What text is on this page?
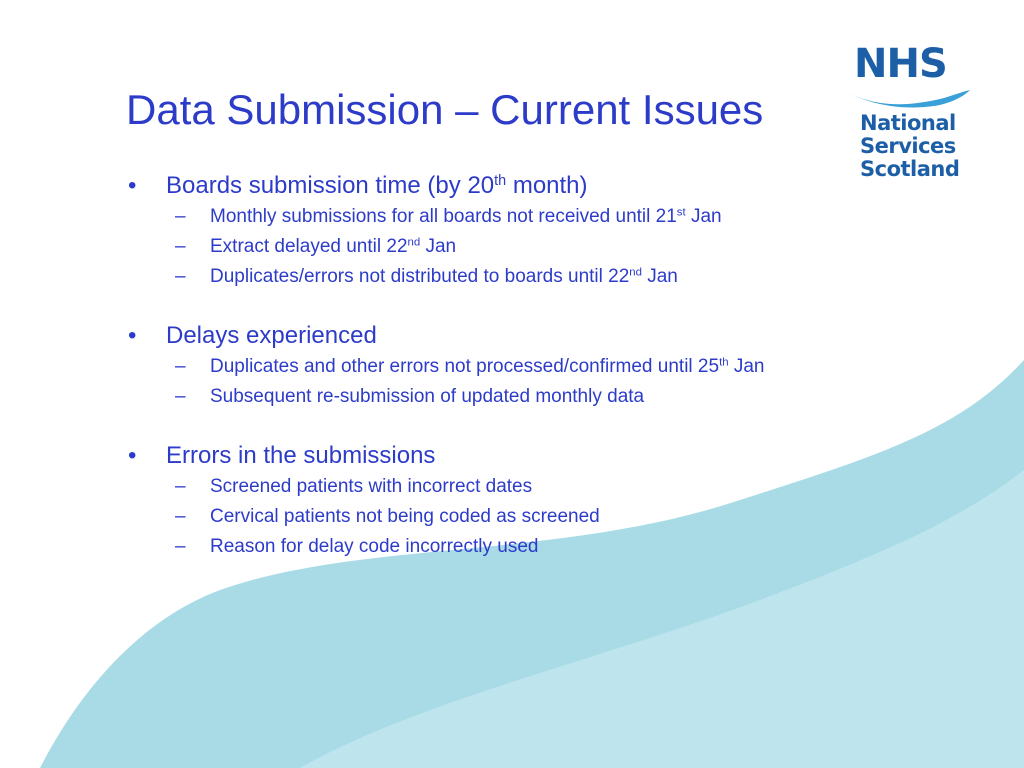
NHS
National
Services
Scotland
Data Submission – Current Issues
• Boards submission time (by 20th month)
– Monthly submissions for all boards not received until 21st Jan
– Extract delayed until 22nd Jan
– Duplicates/errors not distributed to boards until 22nd Jan
• Delays experienced
– Duplicates and other errors not processed/confirmed until 25th Jan
– Subsequent re-submission of updated monthly data
• Errors in the submissions
– Screened patients with incorrect dates
– Cervical patients not being coded as screened
– Reason for delay code incorrectly used
